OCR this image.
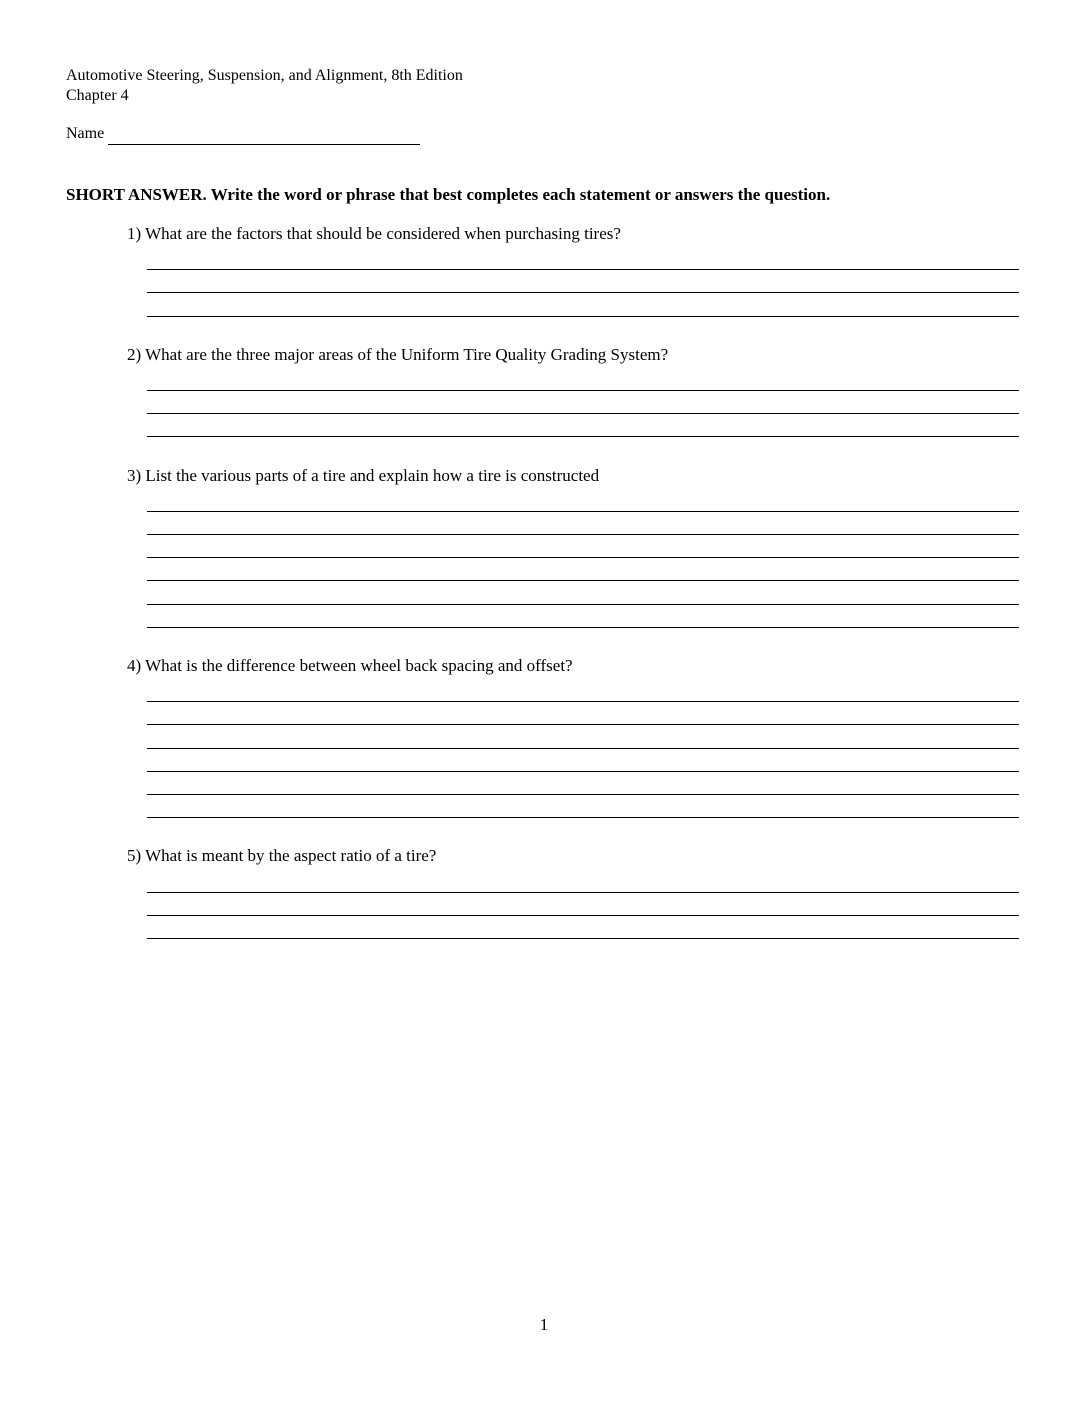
Automotive Steering, Suspension, and Alignment, 8th Edition
Chapter 4
Name
SHORT ANSWER. Write the word or phrase that best completes each statement or answers the question.
1) What are the factors that should be considered when purchasing tires?
2) What are the three major areas of the Uniform Tire Quality Grading System?
3) List the various parts of a tire and explain how a tire is constructed
4) What is the difference between wheel back spacing and offset?
5) What is meant by the aspect ratio of a tire?
1
